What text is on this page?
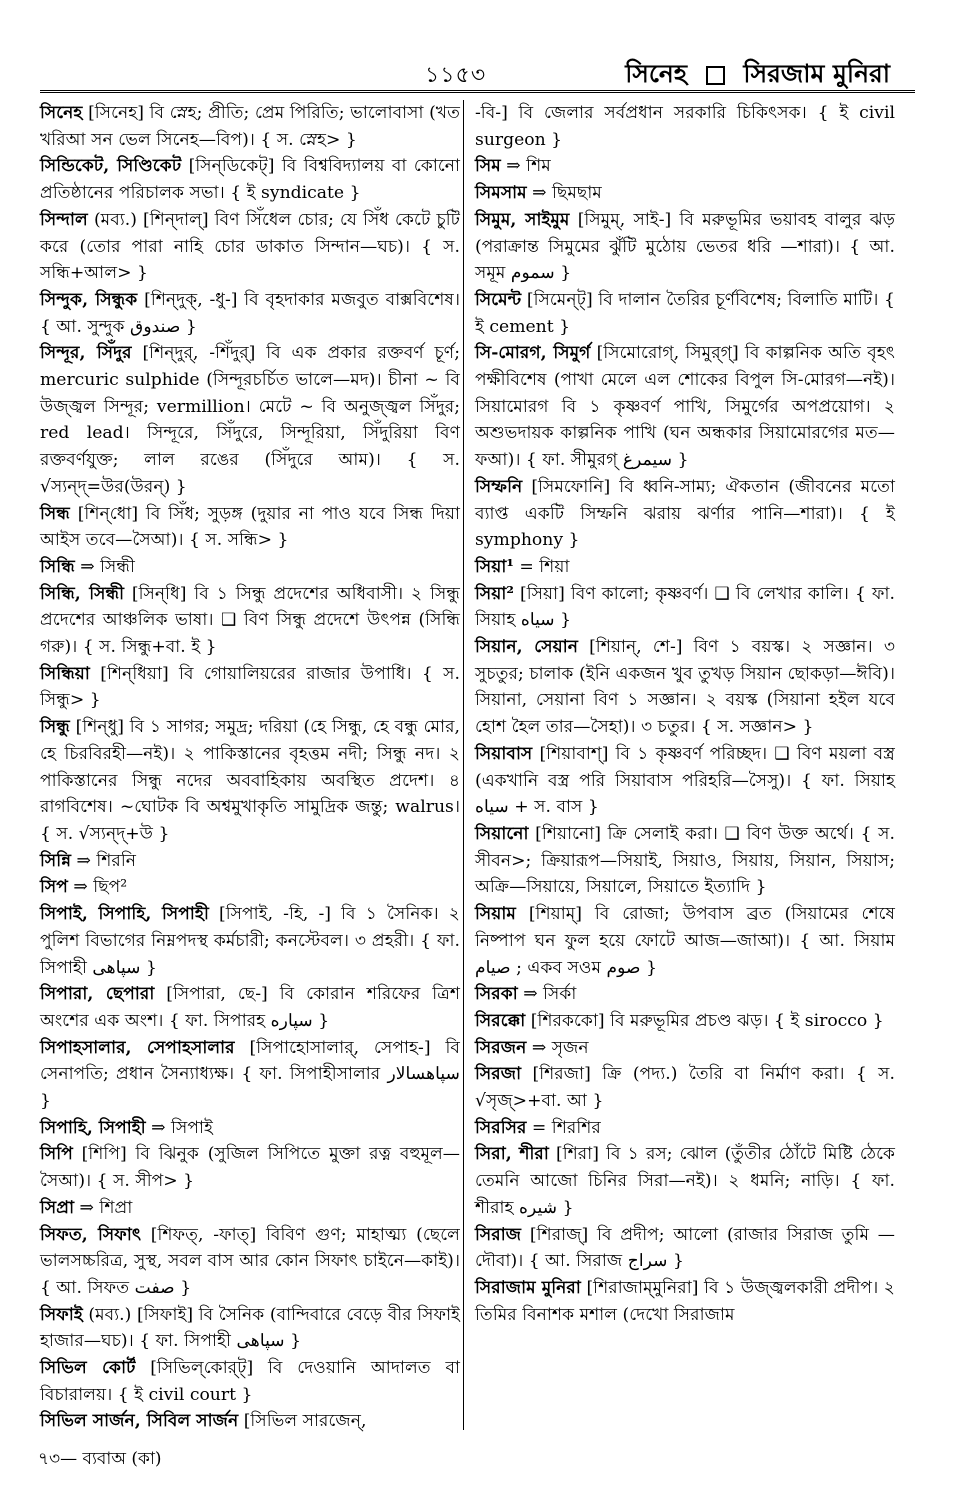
১১৫৩	সিনেহ সিরজাম মুনিরা

সিনেহ [সিনেহ] বি স্নেহ; প্রীতি; প্রেম পিরিতি; ভালোবাসা (খত খরিআ সন ভেল সিনেহ—বিপ)। { স. স্নেহ> }

সিন্ডিকেট, সিণ্ডিকেট [সিন্‌ডিকেট্] বি বিশ্ববিদ্যালয় বা কোনো প্রতিষ্ঠানের পরিচালক সভা। { ই syndicate }

সিন্দাল (মব্য.) [শিন্‌দাল্] বিণ সিঁধেল চোর; যে সিঁধ কেটে চুটি করে (তোর পারা নাহি চোর ডাকাত সিন্দান—ঘচ)। { স. সন্ধি+আল> }

সিন্দুক, সিন্ধুক [শিন্‌দুক্, -ধু-] বি বৃহদাকার মজবুত বাক্সবিশেষ। { আ. সুন্দুক صندوق }

সিন্দূর, সিঁদুর [শিন্‌দুর্, -শিঁদুর্] বি এক প্রকার রক্তবর্ণ চূর্ণ; mercuric sulphide (সিন্দূরচর্চিত ভালে—মদ)। চীনা ~ বি উজ্জ্বল সিন্দূর; vermillion। মেটে ~ বি অনুজ্জ্বল সিঁদুর; red lead। সিন্দূরে, সিঁদুরে, সিন্দূরিয়া, সিঁদুরিয়া বিণ রক্তবর্ণযুক্ত; লাল রঙের (সিঁদুরে আম)। { স. √স্যন্দ্‌=উর(উরন্) }

সিন্ধ [শিন্‌ধো] বি সিঁধ; সুড়ঙ্গ (দুয়ার না পাও যবে সিন্ধ দিয়া আইস তবে—সৈআ)। { স. সন্ধি> }

সিন্ধি ⇒ সিন্ধী

সিন্ধি, সিন্ধী [সিন্‌ধি] বি ১ সিন্ধু প্রদেশের অধিবাসী। ২ সিন্ধু প্রদেশের আঞ্চলিক ভাষা। ❑ বিণ সিন্ধু প্রদেশে উৎপন্ন (সিন্ধি গরু)। { স. সিন্ধু+বা. ই }

সিন্ধিয়া [শিন্‌ধিয়া] বি গোয়ালিয়রের রাজার উপাধি। { স. সিন্ধু> }

সিন্ধু [শিন্‌ধু] বি ১ সাগর; সমুদ্র; দরিয়া (হে সিন্ধু, হে বন্ধু মোর, হে চিরবিরহী—নই)। ২ পাকিস্তানের বৃহত্তম নদী; সিন্ধু নদ। ২ পাকিস্তানের সিন্ধু নদের অববাহিকায় অবস্থিত প্রদেশ। ৪ রাগবিশেষ। ~ঘোটক বি অশ্বমুখাকৃতি সামুদ্রিক জন্তু; walrus। { স. √স্যন্দ্‌+উ }

সিন্নি ⇒ শিরনি

সিপ ⇒ ছিপ²

সিপাই, সিপাহি, সিপাহী [সিপাই, -হি, -] বি ১ সৈনিক। ২ পুলিশ বিভাগের নিম্নপদস্থ কর্মচারী; কনস্টেবল। ৩ প্রহরী। { ফা. সিপাহী سپاهی }

সিপারা, ছেপারা [সিপারা, ছে-] বি কোরান শরিফের ত্রিশ অংশের এক অংশ। { ফা. সিপারহ سپاره }

সিপাহসালার, সেপাহসালার [সিপাহোসালার্, সেপাহ-] বি সেনাপতি; প্রধান সৈন্যাধ্যক্ষ। { ফা. সিপাহীসালার سپاهسالار }

সিপাহি, সিপাহী ⇒ সিপাই

সিপি [শিপি] বি ঝিনুক (সুজিল সিপিতে মুক্তা রত্ন বহুমূল—সৈআ)। { স. সীপ> }

সিপ্রা ⇒ শিপ্রা

সিফত, সিফাৎ [শিফত্, -ফাত্] বিবিণ গুণ; মাহাত্ম্য (ছেলে ভালসচ্চরিত্র, সুস্থ, সবল বাস আর কোন সিফাৎ চাইনে—কাই)। { আ. সিফত صفت }

সিফাই (মব্য.) [সিফাই] বি সৈনিক (বান্দিবারে বেড়ে বীর সিফাই হাজার—ঘচ)। { ফা. সিপাহী سپاهی }

সিভিল কোর্ট [সিভিল্‌কোর্‌ট্] বি দেওয়ানি আদালত বা বিচারালয়। { ই civil court }

সিভিল সার্জন, সিবিল সার্জন [সিভিল সারজেন্,

-বি-] বি জেলার সর্বপ্রধান সরকারি চিকিৎসক। { ই civil surgeon }

সিম ⇒ শিম

সিমসাম ⇒ ছিমছাম

সিমুম, সাইমুম [সিমুম্, সাই-] বি মরুভূমির ভয়াবহ বালুর ঝড় (পরাক্রান্ত সিমুমের ঝুঁটি মুঠোয় ভেতর ধরি —শারা)। { আ. সমূম سموم }

সিমেন্ট [সিমেন্‌ট্] বি দালান তৈরির চূর্ণবিশেষ; বিলাতি মাটি। { ই cement }

সি-মোরগ, সিমুর্গ [সিমোরোগ্, সিমুর্‌গ্] বি কাল্পনিক অতি বৃহৎ পক্ষীবিশেষ (পাখা মেলে এল শোকের বিপুল সি-মোরগ—নই)। সিয়ামোরগ বি ১ কৃষ্ণবর্ণ পাখি, সিমুর্গের অপপ্রয়োগ। ২ অশুভদায়ক কাল্পনিক পাখি (ঘন অন্ধকার সিয়ামোরগের মত—ফআ)। { ফা. সীমুরগ্‌ سیمرغ }

সিম্ফনি [সিমফোনি] বি ধ্বনি-সাম্য; ঐকতান (জীবনের মতো ব্যাপ্ত একটি সিম্ফনি ঝরায় ঝর্ণার পানি—শারা)। { ই symphony }

সিয়া¹ = শিয়া

সিয়া² [সিয়া] বিণ কালো; কৃষ্ণবর্ণ। ❑ বি লেখার কালি। { ফা. সিয়াহ سیاه }

সিয়ান, সেয়ান [শিয়ান্, শে-] বিণ ১ বয়স্ক। ২ সজ্ঞান। ৩ সুচতুর; চালাক (ইনি একজন খুব তুখড় সিয়ান ছোকড়া—ঈবি)। সিয়ানা, সেয়ানা বিণ ১ সজ্ঞান। ২ বয়স্ক (সিয়ানা হইল যবে হোশ হৈল তার—সৈহা)। ৩ চতুর। { স. সজ্ঞান> }

সিয়াবাস [শিয়াবাশ্] বি ১ কৃষ্ণবর্ণ পরিচ্ছদ। ❑ বিণ ময়লা বস্ত্র (একখানি বস্ত্র পরি সিয়াবাস পরিহরি—সৈসু)। { ফা. সিয়াহ سیاه + স. বাস }

সিয়ানো [শিয়ানো] ক্রি সেলাই করা। ❑ বিণ উক্ত অর্থে। { স. সীবন>; ক্রিয়ারূপ—সিয়াই, সিয়াও, সিয়ায়, সিয়ান, সিয়াস; অক্রি—সিয়ায়ে, সিয়ালে, সিয়াতে ইত্যাদি }

সিয়াম [শিয়াম্] বি রোজা; উপবাস ব্রত (সিয়ামের শেষে নিষ্পাপ ঘন ফুল হয়ে ফোটে আজ—জাআ)। { আ. সিয়াম صيام ; একব সওম صوم }

সিরকা ⇒ সির্কা

সিরক্কো [শিরককো] বি মরুভূমির প্রচণ্ড ঝড়। { ই sirocco }

সিরজন ⇒ সৃজন

সিরজা [শিরজা] ক্রি (পদ্য.) তৈরি বা নির্মাণ করা। { স. √সৃজ্>+বা. আ }

সিরসির = শিরশির

সিরা, শীরা [শিরা] বি ১ রস; ঝোল (তুঁতীর ঠোঁটে মিষ্টি ঠেকে তেমনি আজো চিনির সিরা—নই)। ২ ধমনি; নাড়ি। { ফা. শীরাহ شیره }

সিরাজ [শিরাজ্] বি প্রদীপ; আলো (রাজার সিরাজ তুমি —দৌবা)। { আ. সিরাজ سراج }

সিরাজাম মুনিরা [শিরাজাম্‌মুনিরা] বি ১ উজ্জ্বলকারী প্রদীপ। ২ তিমির বিনাশক মশাল (দেখো সিরাজাম

৭৩— ব্যবাঅ (কা)
